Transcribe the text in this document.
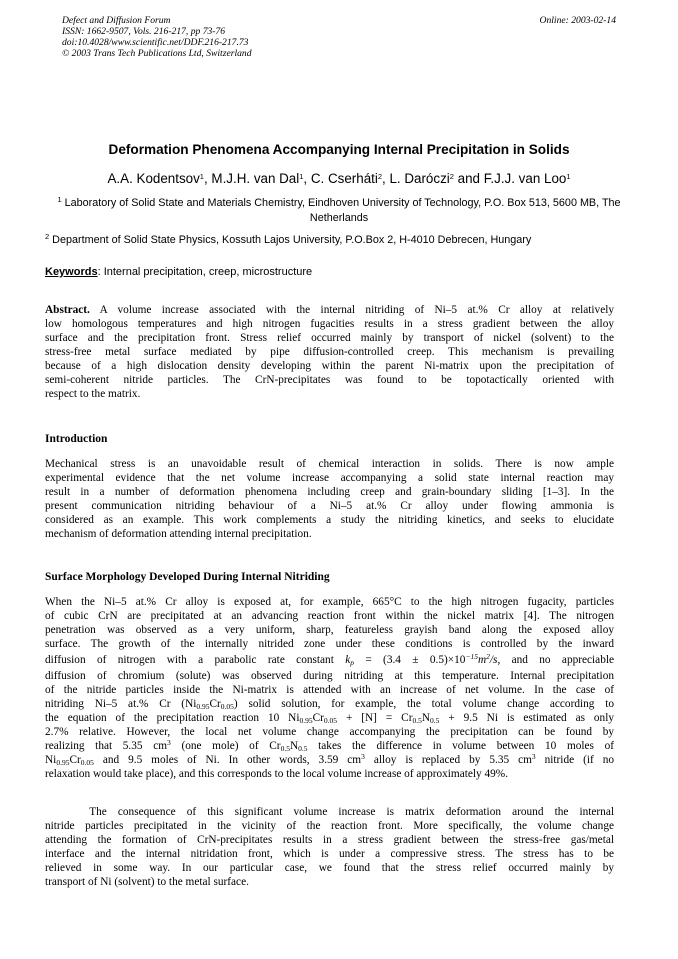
Defect and Diffusion Forum
ISSN: 1662-9507, Vols. 216-217, pp 73-76
doi:10.4028/www.scientific.net/DDF.216-217.73
© 2003 Trans Tech Publications Ltd, Switzerland
Online: 2003-02-14
Deformation Phenomena Accompanying Internal Precipitation in Solids
A.A. Kodentsov$^1$, M.J.H. van Dal$^1$, C. Cserháti$^2$, L. Daróczi$^2$ and F.J.J. van Loo$^1$
$^1$ Laboratory of Solid State and Materials Chemistry, Eindhoven University of Technology, P.O. Box 513, 5600 MB, The Netherlands
$^2$ Department of Solid State Physics, Kossuth Lajos University, P.O.Box 2, H-4010 Debrecen, Hungary
Keywords: Internal precipitation, creep, microstructure
Abstract. A volume increase associated with the internal nitriding of Ni–5 at.% Cr alloy at relatively
low homologous temperatures and high nitrogen fugacities results in a stress gradient between the alloy
surface and the precipitation front. Stress relief occurred mainly by transport of nickel (solvent) to the
stress-free metal surface mediated by pipe diffusion-controlled creep. This mechanism is prevailing
because of a high dislocation density developing within the parent Ni-matrix upon the precipitation of
semi-coherent nitride particles. The CrN-precipitates was found to be topotactically oriented with
respect to the matrix.
Introduction
Mechanical stress is an unavoidable result of chemical interaction in solids. There is now ample
experimental evidence that the net volume increase accompanying a solid state internal reaction may
result in a number of deformation phenomena including creep and grain-boundary sliding [1–3]. In the
present communication nitriding behaviour of a Ni–5 at.% Cr alloy under flowing ammonia is
considered as an example. This work complements a study the nitriding kinetics, and seeks to elucidate
mechanism of deformation attending internal precipitation.
Surface Morphology Developed During Internal Nitriding
When the Ni–5 at.% Cr alloy is exposed at, for example, 665°C to the high nitrogen fugacity, particles
of cubic CrN are precipitated at an advancing reaction front within the nickel matrix [4]. The nitrogen
penetration was observed as a very uniform, sharp, featureless grayish band along the exposed alloy
surface. The growth of the internally nitrided zone under these conditions is controlled by the inward
diffusion of nitrogen with a parabolic rate constant $k_p = (3.4 \pm 0.5)\times 10^{-15}m^2/s$, and no appreciable
diffusion of chromium (solute) was observed during nitriding at this temperature. Internal precipitation
of the nitride particles inside the Ni-matrix is attended with an increase of net volume. In the case of
nitriding Ni–5 at.% Cr $(Ni_{0.95}Cr_{0.05})$ solid solution, for example, the total volume change according to
the equation of the precipitation reaction 10 $Ni_{0.95}Cr_{0.05} + [N] = Cr_{0.5}N_{0.5} + 9.5$ Ni is estimated as only
2.7% relative. However, the local net volume change accompanying the precipitation can be found by
realizing that 5.35 $cm^3$ (one mole) of $Cr_{0.5}N_{0.5}$ takes the difference in volume between 10 moles of
$Ni_{0.95}Cr_{0.05}$ and 9.5 moles of Ni. In other words, 3.59 $cm^3$ alloy is replaced by 5.35 $cm^3$ nitride (if no
relaxation would take place), and this corresponds to the local volume increase of approximately 49%.
The consequence of this significant volume increase is matrix deformation around the internal
nitride particles precipitated in the vicinity of the reaction front. More specifically, the volume change
attending the formation of CrN-precipitates results in a stress gradient between the stress-free gas/metal
interface and the internal nitridation front, which is under a compressive stress. The stress has to be
relieved in some way. In our particular case, we found that the stress relief occurred mainly by
transport of Ni (solvent) to the metal surface.
